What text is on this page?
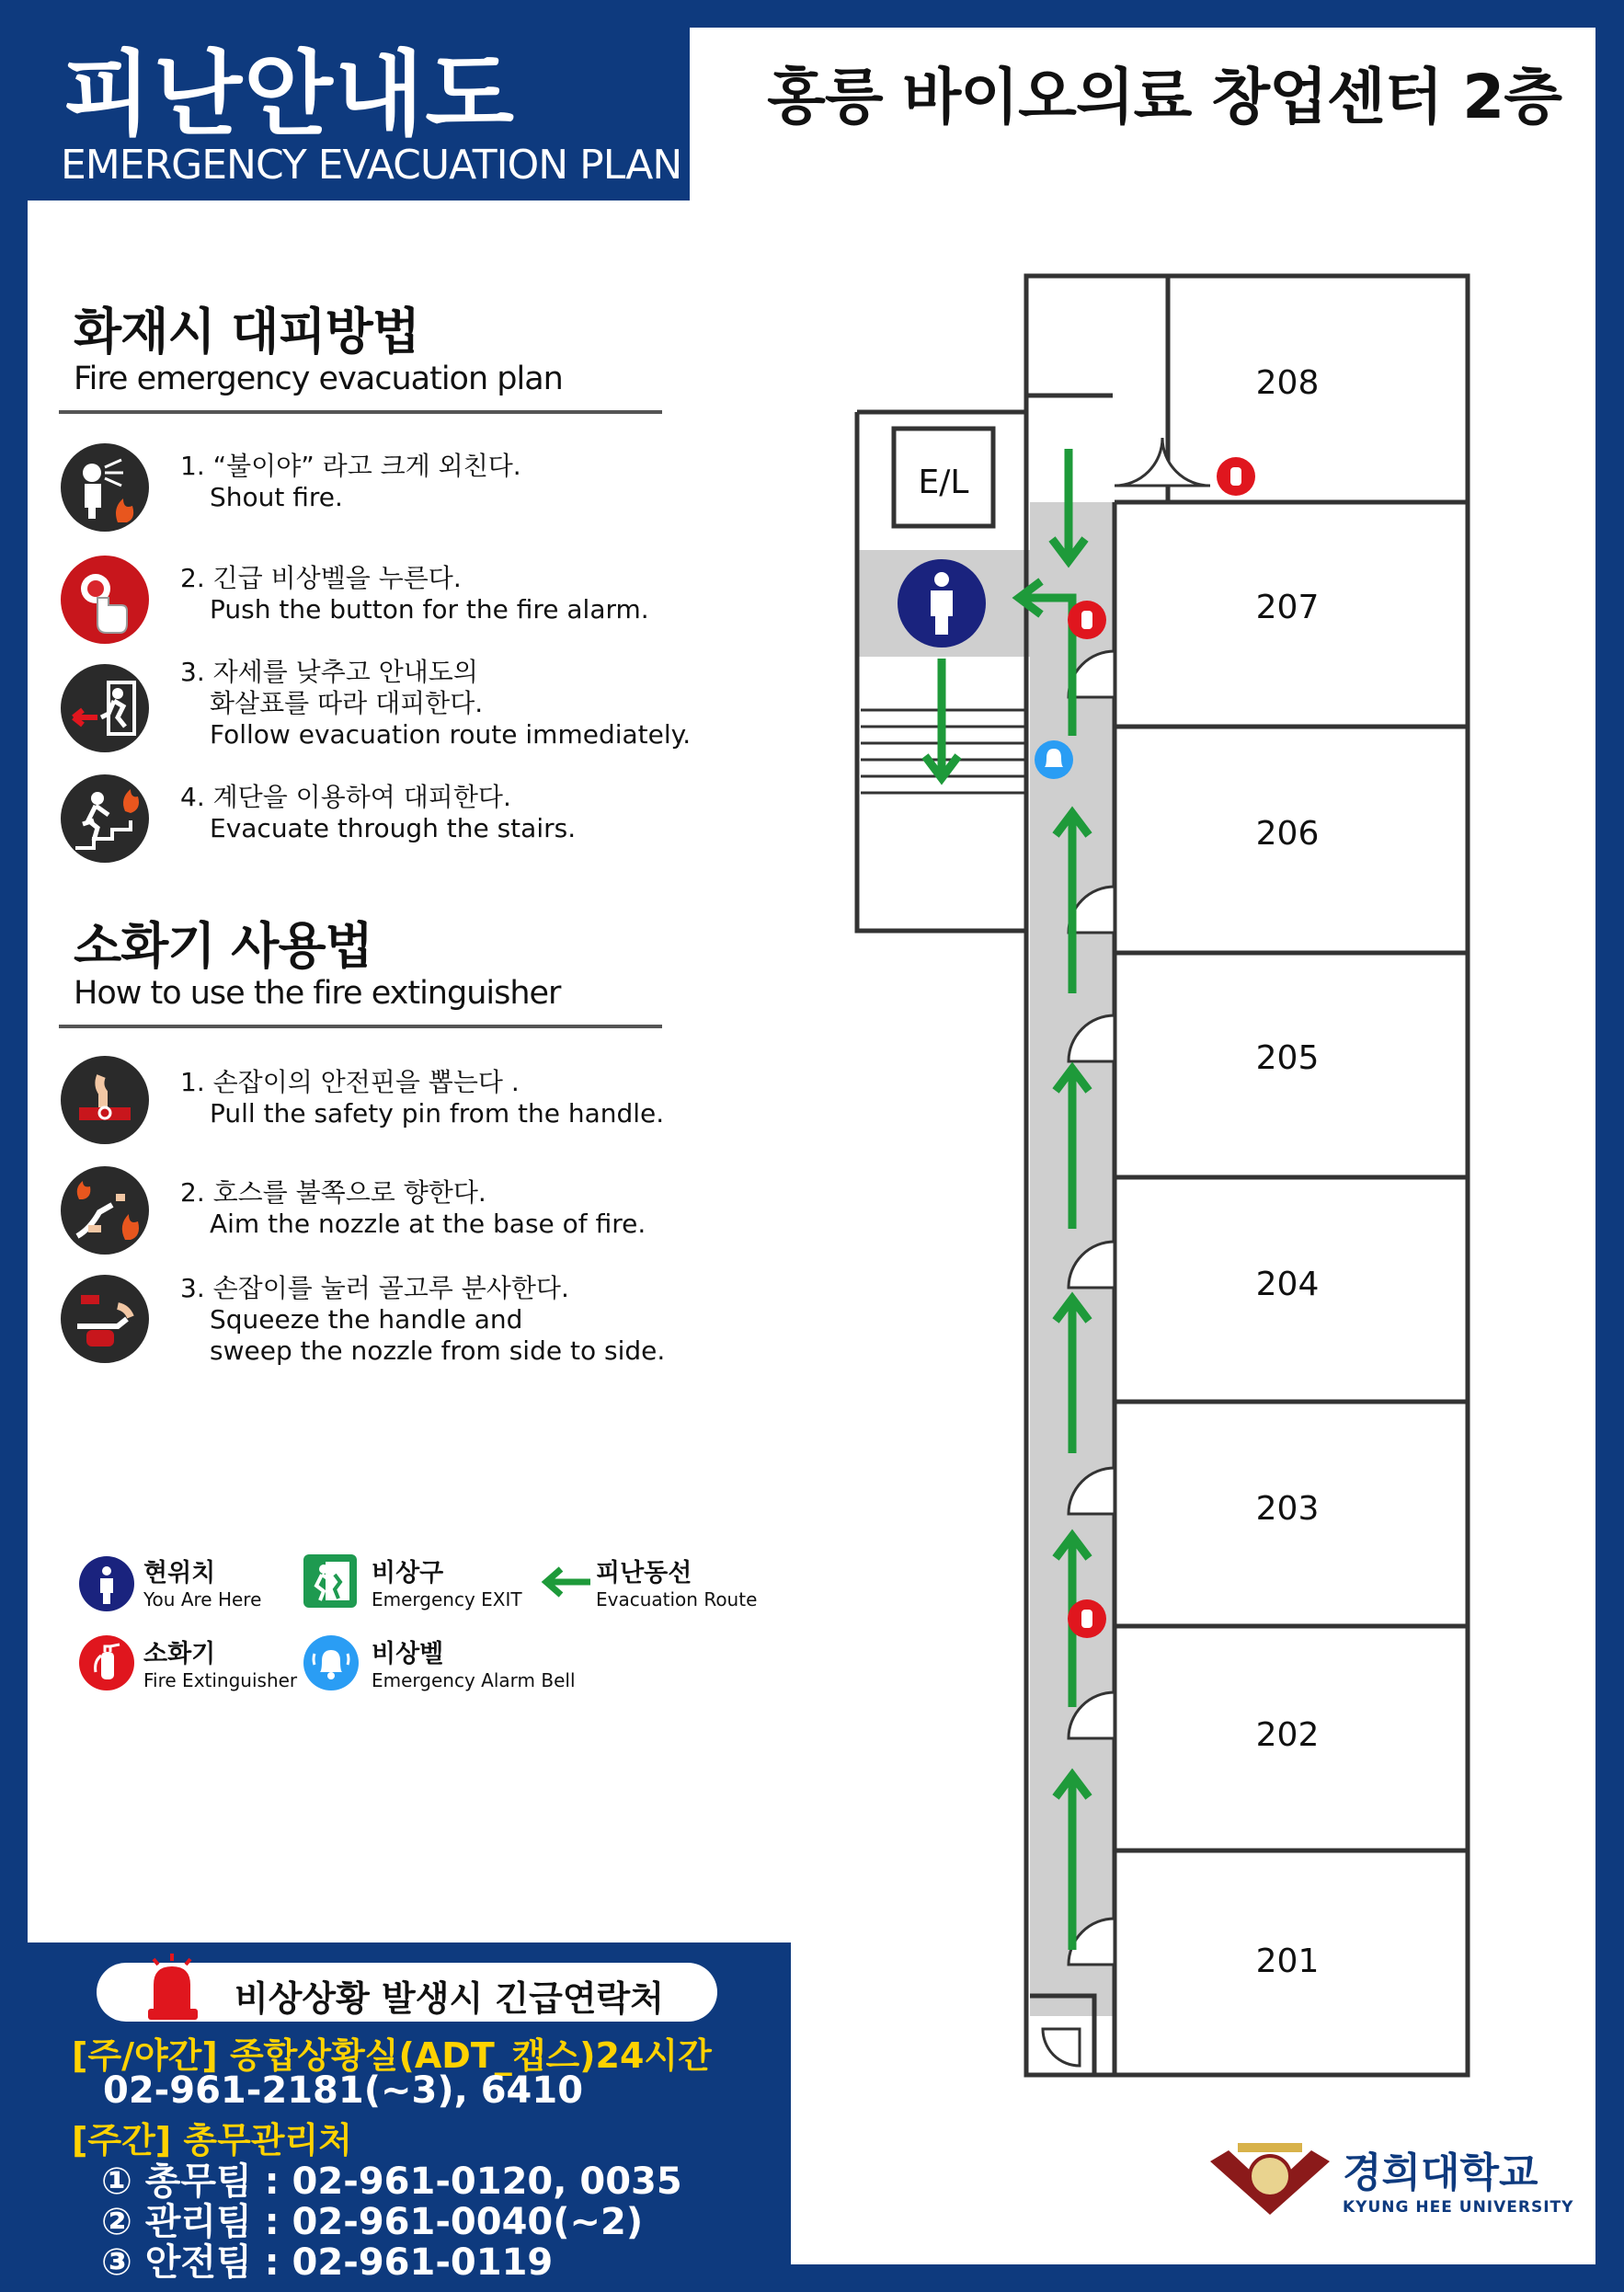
피난안내도
EMERGENCY EVACUATION PLAN
홍릉 바이오의료 창업센터 2층
화재시 대피방법
Fire emergency evacuation plan
1. “불이야” 라고 크게 외친다.
Shout fire.
2. 긴급 비상벨을 누른다.
Push the button for the fire alarm.
3. 자세를 낮추고 안내도의
화살표를 따라 대피한다.
Follow evacuation route immediately.
4. 계단을 이용하여 대피한다.
Evacuate through the stairs.
소화기 사용법
How to use the fire extinguisher
1. 손잡이의 안전핀을 뽑는다 .
Pull the safety pin from the handle.
2. 호스를 불쪽으로 향한다.
Aim the nozzle at the base of fire.
3. 손잡이를 눌러 골고루 분사한다.
Squeeze the handle and
sweep the nozzle from side to side.
현위치
You Are Here
비상구
Emergency EXIT
피난동선
Evacuation Route
소화기
Fire Extinguisher
비상벨
Emergency Alarm Bell
비상상황 발생시 긴급연락처
[주/야간] 종합상황실(ADT_캡스)24시간
02-961-2181(~3), 6410
[주간] 총무관리처
① 총무팀 : 02-961-0120, 0035
② 관리팀 : 02-961-0040(~2)
③ 안전팀 : 02-961-0119
E/L
208
207
206
205
204
203
202
201
경희대학교
KYUNG HEE UNIVERSITY
